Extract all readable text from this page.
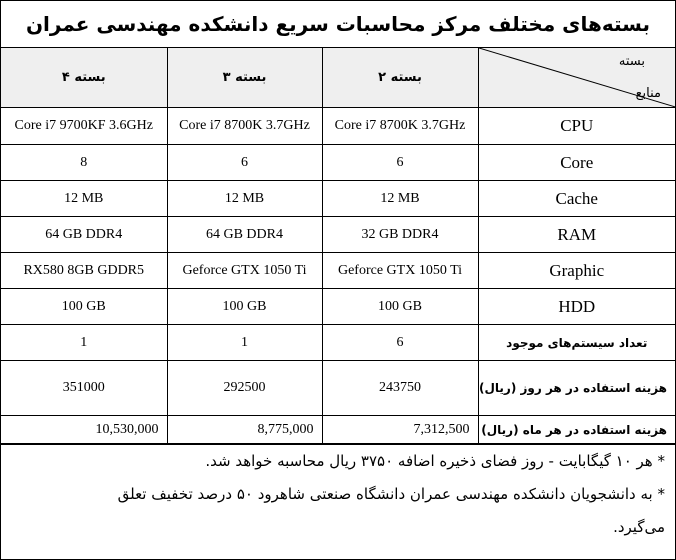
بسته‌های مختلف مرکز محاسبات سریع دانشکده مهندسی عمران
بسته ۴	بسته ۳	بسته ۲	بسته
منابع

Core i7 9700KF 3.6GHz	Core i7 8700K 3.7GHz	Core i7 8700K 3.7GHz	CPU
8	6	6	Core
12 MB	12 MB	12 MB	Cache
64 GB DDR4	64 GB DDR4	32 GB DDR4	RAM
RX580 8GB GDDR5	Geforce GTX 1050 Ti	Geforce GTX 1050 Ti	Graphic
100 GB	100 GB	100 GB	HDD
1	1	6	تعداد سیستم‌های موجود
351000	292500	243750	هزینه استفاده در هر روز (ریال)
10,530,000	8,775,000	7,312,500	هزینه استفاده در هر ماه (ریال)

* هر ۱۰ گیگابایت - روز فضای ذخیره اضافه ۳۷۵۰ ریال محاسبه خواهد شد.

* به دانشجویان دانشکده مهندسی عمران دانشگاه صنعتی شاهرود ۵۰ درصد تخفیف تعلق

می‌گیرد.
